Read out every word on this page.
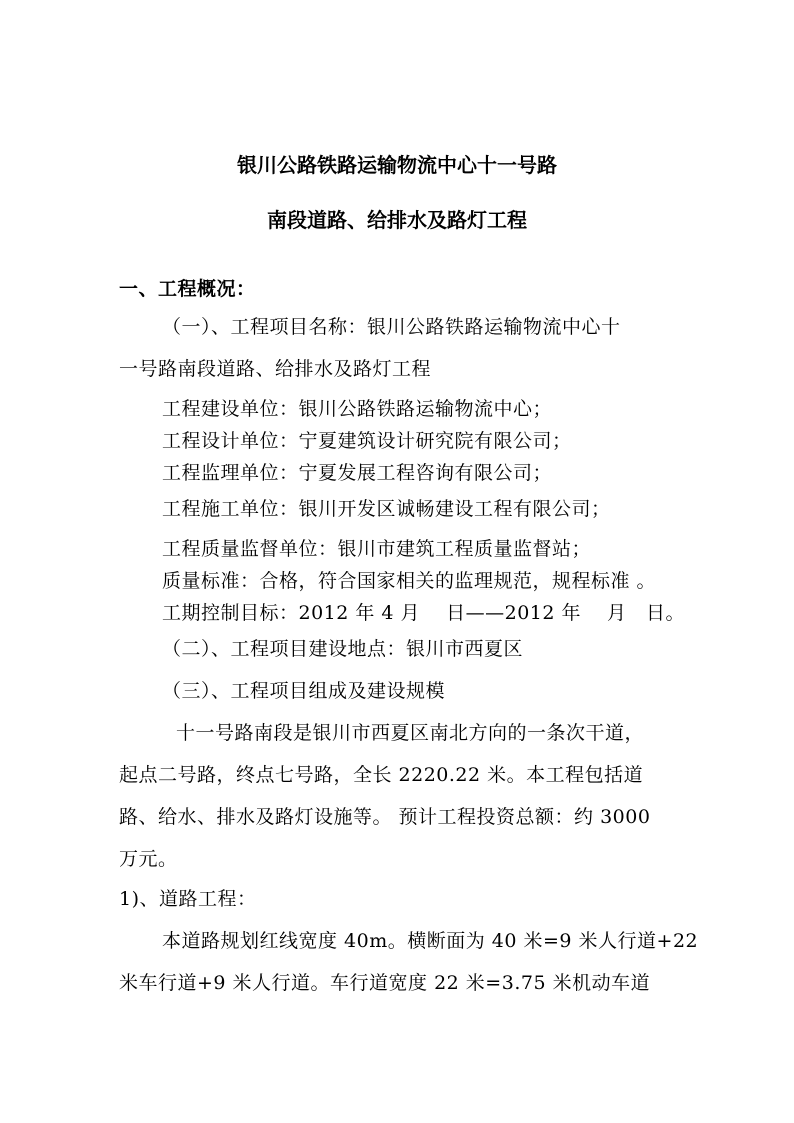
银川公路铁路运输物流中心十一号路
南段道路、给排水及路灯工程
一、工程概况：
（一）、工程项目名称：银川公路铁路运输物流中心十
一号路南段道路、给排水及路灯工程
工程建设单位：银川公路铁路运输物流中心；
工程设计单位：宁夏建筑设计研究院有限公司；
工程监理单位：宁夏发展工程咨询有限公司；
工程施工单位：银川开发区诚畅建设工程有限公司；
工程质量监督单位：银川市建筑工程质量监督站；
质量标准：合格，符合国家相关的监理规范，规程标准 。
工期控制目标：2012 年 4 月　 日——2012 年　 月　日。
（二）、工程项目建设地点：银川市西夏区
（三）、工程项目组成及建设规模
十一号路南段是银川市西夏区南北方向的一条次干道，
起点二号路，终点七号路，全长 2220.22 米。本工程包括道
路、给水、排水及路灯设施等。 预计工程投资总额：约 3000
万元。
1)、道路工程：
本道路规划红线宽度 40m。横断面为 40 米=9 米人行道+22
米车行道+9 米人行道。车行道宽度 22 米=3.75 米机动车道
